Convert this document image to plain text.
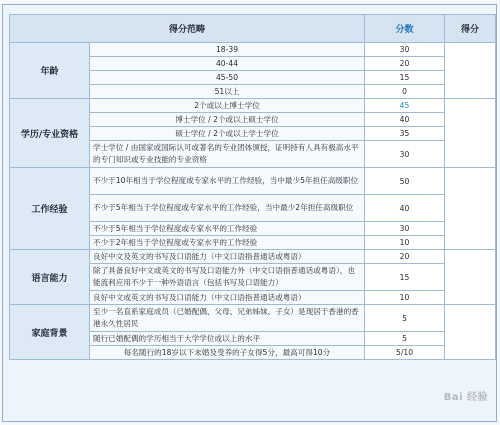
得分范畴		分数	得分
年龄	18-39	30	
	40-44	20	
	45-50	15	
	51以上	0	
学历/专业资格	2个或以上博士学位	45	
	博士学位 / 2个或以上硕士学位	40	
	硕士学位 / 2个或以上学士学位	35	
	学士学位 / 由国家或国际认可或著名的专业团体颁授，证明持有人具有极高水平的专门知识或专业技能的专业资格	30	
工作经验	不少于10年相当于学位程度或专家水平的工作经验，当中最少5年担任高级职位	50	
	不少于5年相当于学位程度或专家水平的工作经验，当中最少2年担任高级职位	40	
	不少于5年相当于学位程度或专家水平的工作经验	30	
	不少于2年相当于学位程度或专家水平的工作经验	10	
语言能力	良好中文及英文的书写及口语能力（中文口语指普通话或粤语）	20	
	除了具备良好中文或英文的书写及口语能力外（中文口语指普通话或粤语），也能流利应用不少于一种外语语言（包括书写及口语能力）	15	
	良好中文或英文的书写及口语能力（中文口语指普通话或粤语）	10	
家庭背景	至少一名直系家庭成员（已婚配偶、父母、兄弟姊妹、子女）是现居于香港的香港永久性居民	5	
	随行已婚配偶的学历相当于大学学位或以上的水平	5	
	每名随行的18岁以下未婚及受养的子女得5分，最高可得10分	5/10	
Bai 经验
